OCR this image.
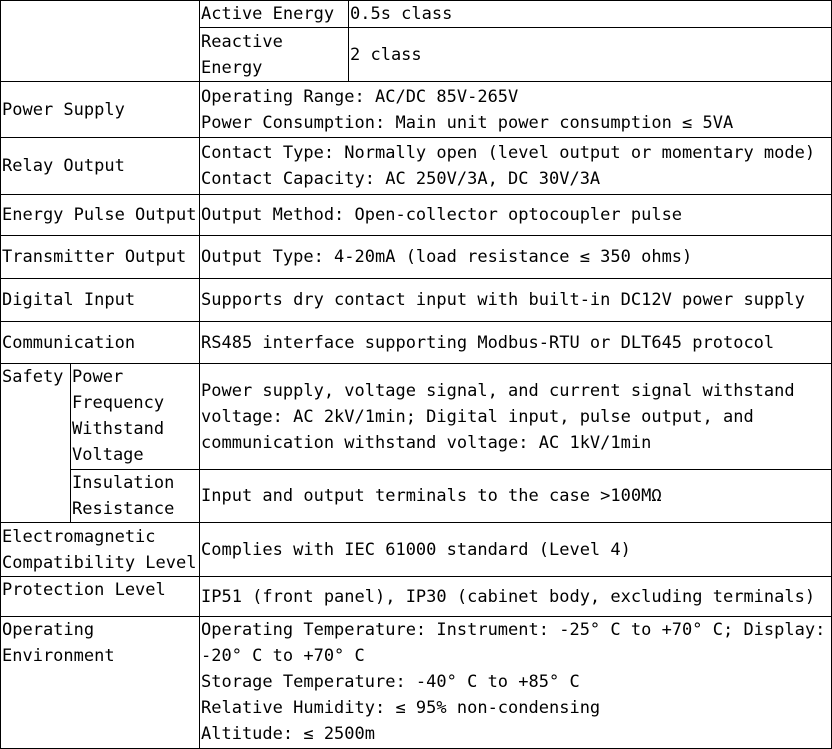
		Active Energy	0.5s class
		Reactive
Energy	2 class
Power Supply		Operating Range: AC/DC 85V-265V
Power Consumption: Main unit power consumption ≤ 5VA	
Relay Output		Contact Type: Normally open (level output or momentary mode)
Contact Capacity: AC 250V/3A, DC 30V/3A	
Energy Pulse Output		Output Method: Open-collector optocoupler pulse	
Transmitter Output		Output Type: 4-20mA (load resistance ≤ 350 ohms)	
Digital Input		Supports dry contact input with built-in DC12V power supply	
Communication		RS485 interface supporting Modbus-RTU or DLT645 protocol	
Safety	Power
Frequency
Withstand
Voltage	Power supply, voltage signal, and current signal withstand
voltage: AC 2kV/1min; Digital input, pulse output, and
communication withstand voltage: AC 1kV/1min	
	Insulation
Resistance	Input and output terminals to the case >100MΩ	
Electromagnetic
Compatibility Level		Complies with IEC 61000 standard (Level 4)	
Protection Level		IP51 (front panel), IP30 (cabinet body, excluding terminals)	
Operating
Environment		Operating Temperature: Instrument: -25° C to +70° C; Display:
-20° C to +70° C
Storage Temperature: -40° C to +85° C
Relative Humidity: ≤ 95% non-condensing
Altitude: ≤ 2500m	
